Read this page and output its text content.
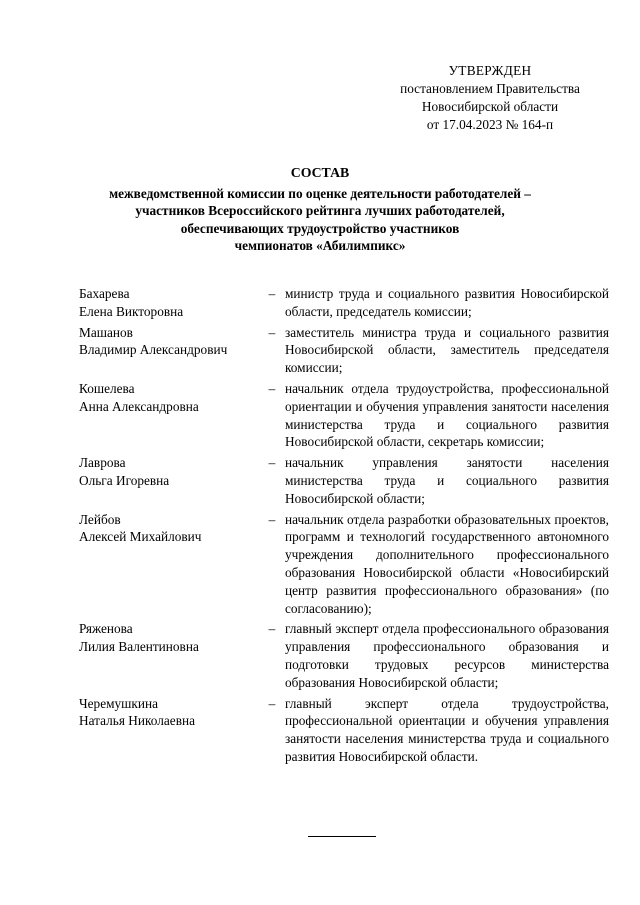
УТВЕРЖДЕН
постановлением Правительства
Новосибирской области
от 17.04.2023 № 164-п
СОСТАВ
межведомственной комиссии по оценке деятельности работодателей –
участников Всероссийского рейтинга лучших работодателей,
обеспечивающих трудоустройство участников
чемпионатов «Абилимпикс»
Бахарева
Елена Викторовна
– министр труда и социального развития Новосибирской области, председатель комиссии;
Машанов
Владимир Александрович
– заместитель министра труда и социального развития Новосибирской области, заместитель председателя комиссии;
Кошелева
Анна Александровна
– начальник отдела трудоустройства, профессиональной ориентации и обучения управления занятости населения министерства труда и социального развития Новосибирской области, секретарь комиссии;
Лаврова
Ольга Игоревна
– начальник управления занятости населения министерства труда и социального развития Новосибирской области;
Лейбов
Алексей Михайлович
– начальник отдела разработки образовательных проектов, программ и технологий государственного автономного учреждения дополнительного профессионального образования Новосибирской области «Новосибирский центр развития профессионального образования» (по согласованию);
Ряженова
Лилия Валентиновна
– главный эксперт отдела профессионального образования управления профессионального образования и подготовки трудовых ресурсов министерства образования Новосибирской области;
Черемушкина
Наталья Николаевна
– главный эксперт отдела трудоустройства, профессиональной ориентации и обучения управления занятости населения министерства труда и социального развития Новосибирской области.
